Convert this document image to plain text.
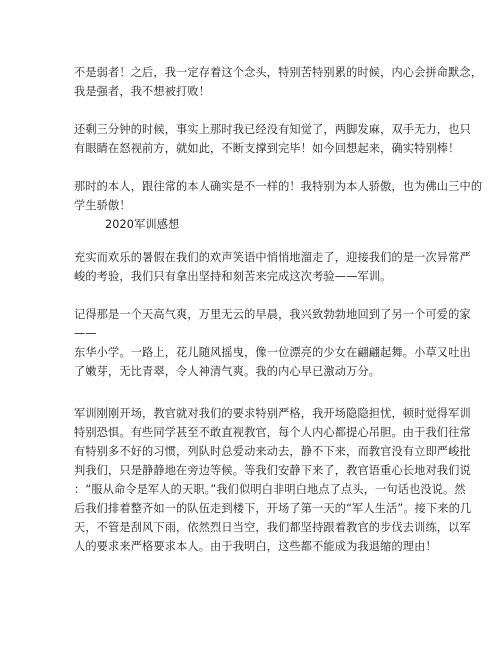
不是弱者！之后，我一定存着这个念头，特别苦特别累的时候，内心会拼命默念，
我是强者，我不想被打败！
还剩三分钟的时候，事实上那时我已经没有知觉了，两脚发麻，双手无力，也只
有眼睛在怒视前方，就如此，不断支撑到完毕！如今回想起来，确实特别棒！
那时的本人，跟往常的本人确实是不一样的！我特别为本人骄傲，也为佛山三中的
学生骄傲！
2020军训感想
充实而欢乐的暑假在我们的欢声笑语中悄悄地溜走了，迎接我们的是一次异常严
峻的考验，我们只有拿出坚持和刻苦来完成这次考验——军训。
记得那是一个天高气爽，万里无云的早晨，我兴致勃勃地回到了另一个可爱的家
——
东华小学。一路上，花儿随风摇曳，像一位漂亮的少女在翩翩起舞。小草又吐出
了嫩芽，无比青翠，令人神清气爽。我的内心早已激动万分。
军训刚刚开场，教官就对我们的要求特别严格，我开场隐隐担忧，顿时觉得军训
特别恐惧。有些同学甚至不敢直视教官，每个人内心都提心吊胆。由于我们往常
有特别多不好的习惯，列队时总爱动来动去，静不下来，而教官没有立即严峻批
判我们，只是静静地在旁边等候。等我们安静下来了，教官语重心长地对我们说
：“服从命令是军人的天职。”我们似明白非明白地点了点头，一句话也没说。然
后我们排着整齐如一的队伍走到楼下，开场了第一天的“军人生活”。接下来的几
天，不管是刮风下雨，依然烈日当空，我们都坚持跟着教官的步伐去训练，以军
人的要求来严格要求本人。由于我明白，这些都不能成为我退缩的理由！
